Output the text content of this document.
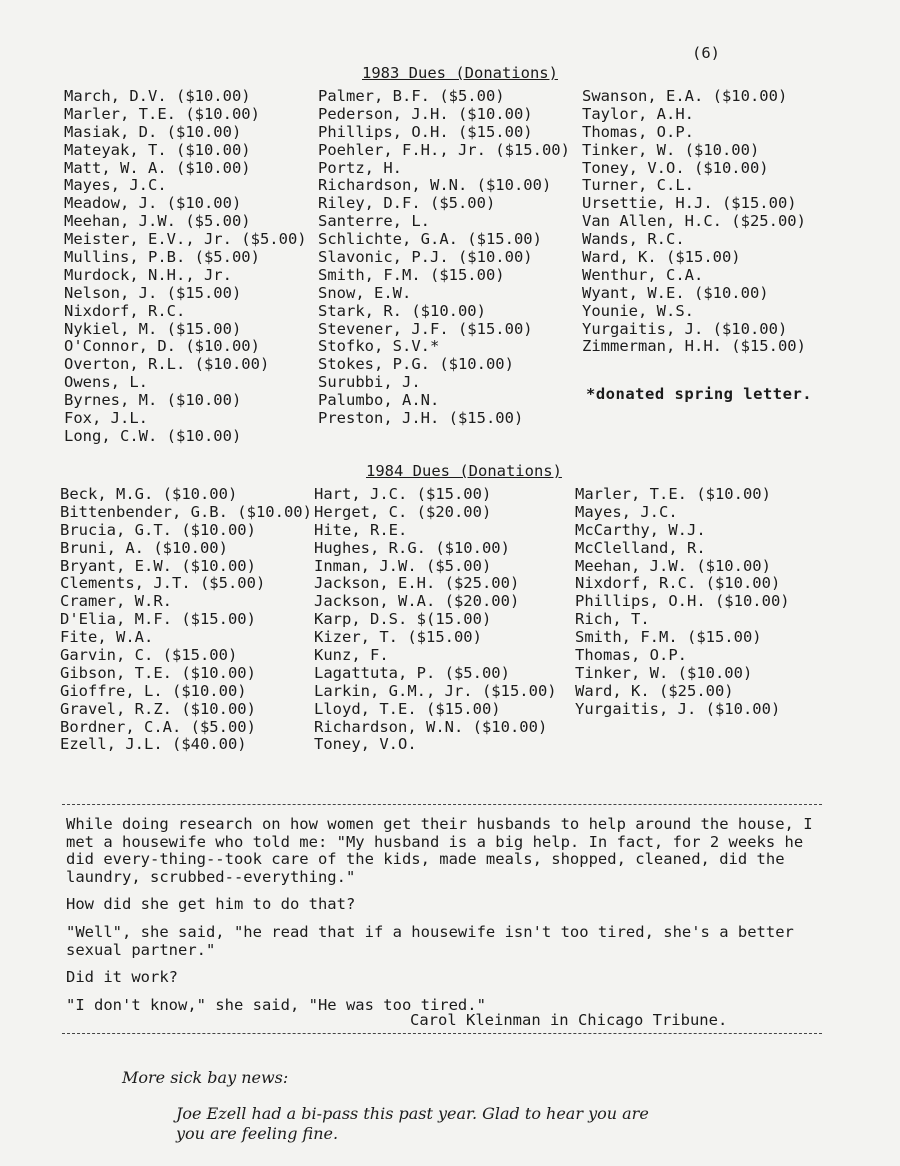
(6)
1983 Dues (Donations)
March, D.V. ($10.00)
Marler, T.E. ($10.00)
Masiak, D. ($10.00)
Mateyak, T. ($10.00)
Matt, W. A. ($10.00)
Mayes, J.C.
Meadow, J. ($10.00)
Meehan, J.W. ($5.00)
Meister, E.V., Jr. ($5.00)
Mullins, P.B. ($5.00)
Murdock, N.H., Jr.
Nelson, J. ($15.00)
Nixdorf, R.C.
Nykiel, M. ($15.00)
O'Connor, D. ($10.00)
Overton, R.L. ($10.00)
Owens, L.
Byrnes, M. ($10.00)
Fox, J.L.
Long, C.W. ($10.00)
Palmer, B.F. ($5.00)
Pederson, J.H. ($10.00)
Phillips, O.H. ($15.00)
Poehler, F.H., Jr. ($15.00)
Portz, H.
Richardson, W.N. ($10.00)
Riley, D.F. ($5.00)
Santerre, L.
Schlichte, G.A. ($15.00)
Slavonic, P.J. ($10.00)
Smith, F.M. ($15.00)
Snow, E.W.
Stark, R. ($10.00)
Stevener, J.F. ($15.00)
Stofko, S.V.*
Stokes, P.G. ($10.00)
Surubbi, J.
Palumbo, A.N.
Preston, J.H. ($15.00)
Swanson, E.A. ($10.00)
Taylor, A.H.
Thomas, O.P.
Tinker, W. ($10.00)
Toney, V.O. ($10.00)
Turner, C.L.
Ursettie, H.J. ($15.00)
Van Allen, H.C. ($25.00)
Wands, R.C.
Ward, K. ($15.00)
Wenthur, C.A.
Wyant, W.E. ($10.00)
Younie, W.S.
Yurgaitis, J. ($10.00)
Zimmerman, H.H. ($15.00)
*donated spring letter.
1984 Dues (Donations)
Beck, M.G. ($10.00)
Bittenbender, G.B. ($10.00)
Brucia, G.T. ($10.00)
Bruni, A. ($10.00)
Bryant, E.W. ($10.00)
Clements, J.T. ($5.00)
Cramer, W.R.
D'Elia, M.F. ($15.00)
Fite, W.A.
Garvin, C. ($15.00)
Gibson, T.E. ($10.00)
Gioffre, L. ($10.00)
Gravel, R.Z. ($10.00)
Bordner, C.A. ($5.00)
Ezell, J.L. ($40.00)
Hart, J.C. ($15.00)
Herget, C. ($20.00)
Hite, R.E.
Hughes, R.G. ($10.00)
Inman, J.W. ($5.00)
Jackson, E.H. ($25.00)
Jackson, W.A. ($20.00)
Karp, D.S. $(15.00)
Kizer, T. ($15.00)
Kunz, F.
Lagattuta, P. ($5.00)
Larkin, G.M., Jr. ($15.00)
Lloyd, T.E. ($15.00)
Richardson, W.N. ($10.00)
Toney, V.O.
Marler, T.E. ($10.00)
Mayes, J.C.
McCarthy, W.J.
McClelland, R.
Meehan, J.W. ($10.00)
Nixdorf, R.C. ($10.00)
Phillips, O.H. ($10.00)
Rich, T.
Smith, F.M. ($15.00)
Thomas, O.P.
Tinker, W. ($10.00)
Ward, K. ($25.00)
Yurgaitis, J. ($10.00)

While doing research on how women get their husbands to help around the house, I met a housewife who told me: "My husband is a big help. In fact, for 2 weeks he did every-thing--took care of the kids, made meals, shopped, cleaned, did the laundry, scrubbed--everything."

How did she get him to do that?

"Well", she said, "he read that if a housewife isn't too tired, she's a better sexual partner."

Did it work?

"I don't know," she said, "He was too tired."

Carol Kleinman in Chicago Tribune.
More sick bay news:
Joe Ezell had a bi-pass this past year. Glad to hear you are
you are feeling fine.
